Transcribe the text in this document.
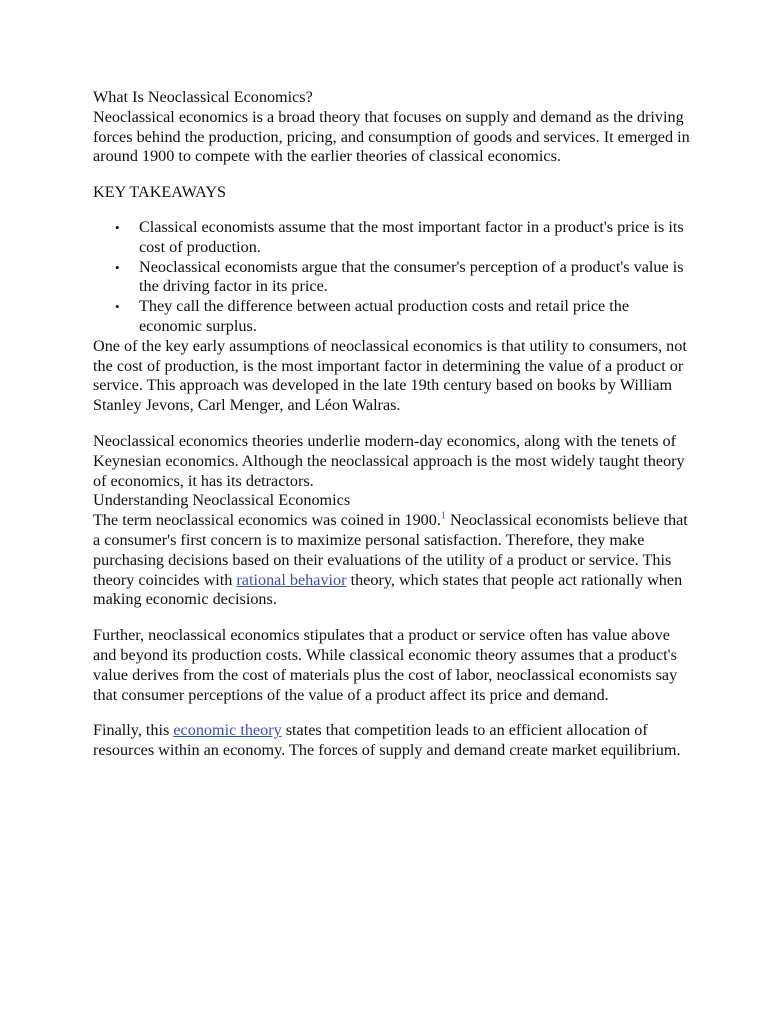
What Is Neoclassical Economics?

Neoclassical economics is a broad theory that focuses on supply and demand as the driving forces behind the production, pricing, and consumption of goods and services. It emerged in around 1900 to compete with the earlier theories of classical economics.

KEY TAKEAWAYS
• Classical economists assume that the most important factor in a product's price is its cost of production.
• Neoclassical economists argue that the consumer's perception of a product's value is the driving factor in its price.
• They call the difference between actual production costs and retail price the economic surplus.

One of the key early assumptions of neoclassical economics is that utility to consumers, not the cost of production, is the most important factor in determining the value of a product or service. This approach was developed in the late 19th century based on books by William Stanley Jevons, Carl Menger, and Léon Walras.

Neoclassical economics theories underlie modern-day economics, along with the tenets of Keynesian economics. Although the neoclassical approach is the most widely taught theory of economics, it has its detractors.

Understanding Neoclassical Economics

The term neoclassical economics was coined in 1900.$^1$ Neoclassical economists believe that a consumer's first concern is to maximize personal satisfaction. Therefore, they make purchasing decisions based on their evaluations of the utility of a product or service. This theory coincides with rational behavior theory, which states that people act rationally when making economic decisions.

Further, neoclassical economics stipulates that a product or service often has value above and beyond its production costs. While classical economic theory assumes that a product's value derives from the cost of materials plus the cost of labor, neoclassical economists say that consumer perceptions of the value of a product affect its price and demand.

Finally, this economic theory states that competition leads to an efficient allocation of resources within an economy. The forces of supply and demand create market equilibrium.
